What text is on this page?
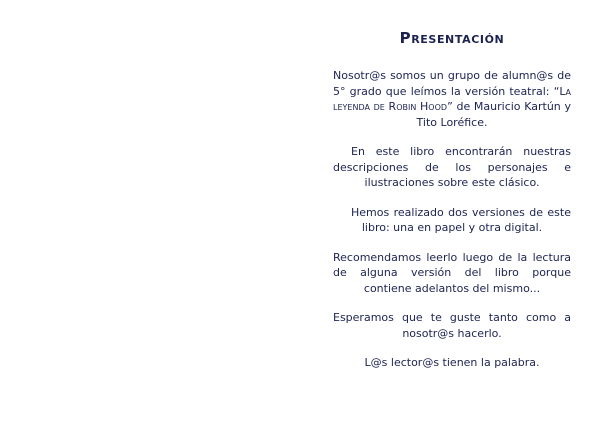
Presentación

Nosotr@s somos un grupo de alumn@s de 5° grado que leímos la versión teatral: “La leyenda de Robin Hood” de Mauricio Kartún y Tito Loréfice.

En este libro encontrarán nuestras descripciones de los personajes e ilustraciones sobre este clásico.

Hemos realizado dos versiones de este libro: una en papel y otra digital.

Recomendamos leerlo luego de la lectura de alguna versión del libro porque contiene adelantos del mismo...

Esperamos que te guste tanto como a nosotr@s hacerlo.

L@s lector@s tienen la palabra.
